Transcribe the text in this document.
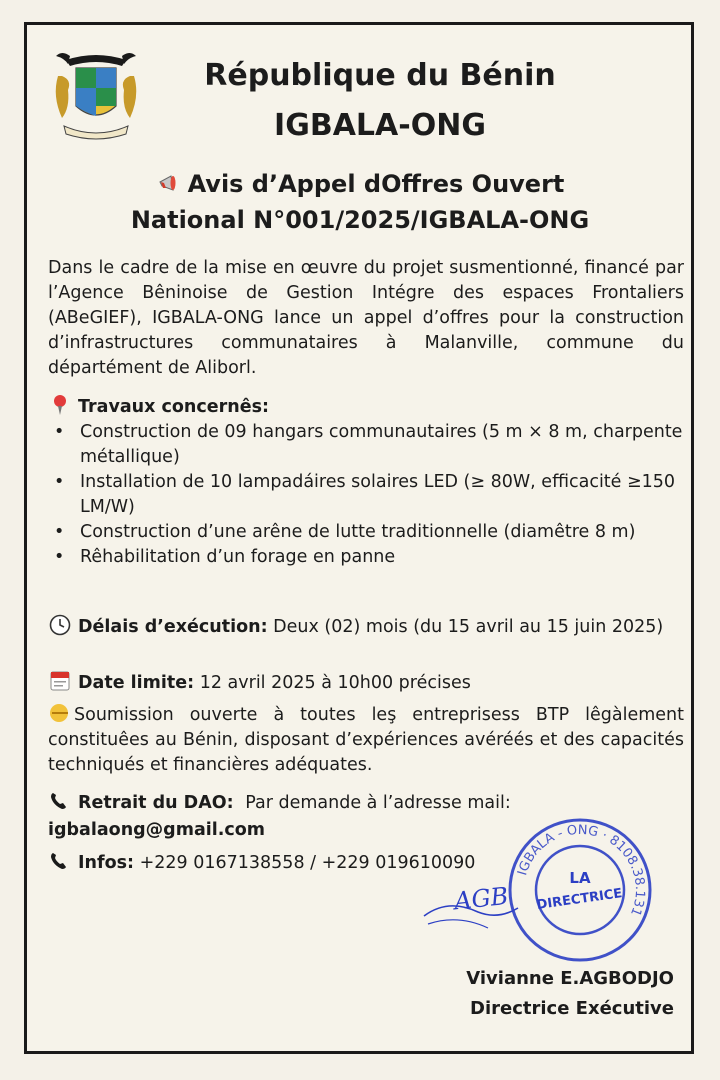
République du Bénin
IGBALA-ONG
Avis d’Appel dOffres Ouvert
National N°001/2025/IGBALA-ONG
Dans le cadre de la mise en œuvre du projet susmentionné, financé par l’Agence Bêninoise de Gestion Intégre des espaces Frontaliers (ABeGIEF), IGBALA-ONG lance un appel d’offres pour la construction d’infrastructures communataires à Malanville, commune du départément de Aliborl.
Travaux concernês:
• Construction de 09 hangars communautaires (5 m × 8 m, charpente métallique)
• Installation de 10 lampadáires solaires LED (≥ 80W, efficacité ≥150 LM/W)
• Construction d’une arêne de lutte traditionnelle (diamêtre 8 m)
• Rêhabilitation d’un forage en panne
Délais d’exécution: Deux (02) mois (du 15 avril au 15 juin 2025)
Date limite: 12 avril 2025 à 10h00 précises
Soumission ouverte à toutes leş entreprisess BTP lêgàlement constituêes au Bénin, disposant d’expériences avéréés et des capacités techniqués et financières adéquates.
Retrait du DAO: Par demande à l’adresse mail:
igbalaong@gmail.com
Infos: +229 0167138558 / +229 019610090
IGBALA - ONG · 8108.38.131
LA
DIRECTRICE
AGB
Vivianne E.AGBODJO
Directrice Exécutive
